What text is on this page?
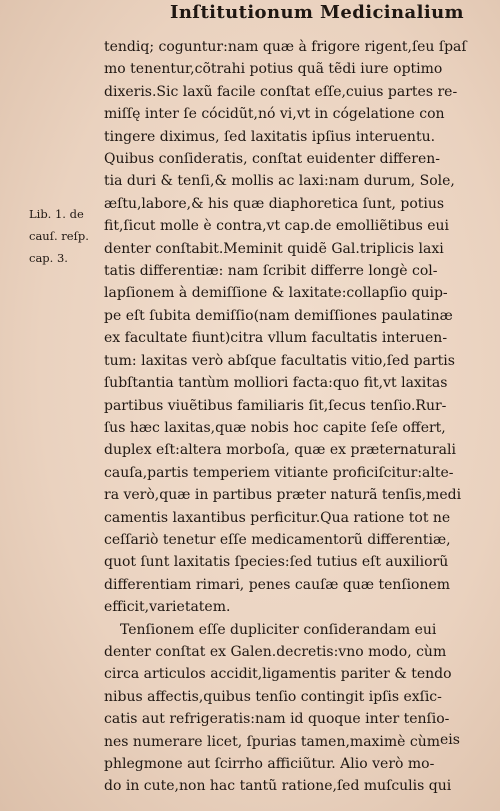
Inſtitutionum Medicinalium
Lib. 1. de
cauſ. reſp.
cap. 3.
tendiq; coguntur:nam quæ à frigore rigent,ſeu ſpaſ
mo tenentur,cõtrahi potius quã tẽdi iure optimo
dixeris.Sic laxũ facile conſtat eſſe,cuius partes re-
miſſę inter ſe cócidũt,nó vi,vt in cógelatione con
tingere diximus, ſed laxitatis ipſius interuentu.
Quibus conſideratis, conſtat euidenter differen-
tia duri & tenſi,& mollis ac laxi:nam durum, Sole,
æſtu,labore,& his quæ diaphoretica ſunt, potius
fit,ſicut molle è contra,vt cap.de emolliẽtibus eui
denter conſtabit.Meminit quidẽ Gal.triplicis laxi
tatis differentiæ: nam ſcribit differre longè col-
lapſionem à demiſſione & laxitate:collapſio quip-
pe eſt ſubita demiſſio(nam demiſſiones paulatinæ
ex facultate fiunt)citra vllum facultatis interuen-
tum: laxitas verò abſque facultatis vitio,ſed partis
ſubſtantia tantùm molliori facta:quo fit,vt laxitas
partibus viuẽtibus familiaris ſit,ſecus tenſio.Rur-
ſus hæc laxitas,quæ nobis hoc capite ſeſe offert,
duplex eſt:altera morboſa, quæ ex præternaturali
cauſa,partis temperiem vitiante proficiſcitur:alte-
ra verò,quæ in partibus præter naturã tenſis,medi
camentis laxantibus perficitur.Qua ratione tot ne
ceſſariò tenetur eſſe medicamentorũ differentiæ,
quot ſunt laxitatis ſpecies:ſed tutius eſt auxiliorũ
differentiam rimari, penes cauſæ quæ tenſionem
efficit,varietatem.
Tenſionem eſſe dupliciter conſiderandam eui
denter conſtat ex Galen.decretis:vno modo, cùm
circa articulos accidit,ligamentis pariter & tendo
nibus affectis,quibus tenſio contingit ipſis exſic-
catis aut refrigeratis:nam id quoque inter tenſio-
nes numerare licet, ſpurias tamen,maximè cùm
phlegmone aut ſcirrho afficiũtur. Alio verò mo-
do in cute,non hac tantũ ratione,ſed muſculis qui
eis
